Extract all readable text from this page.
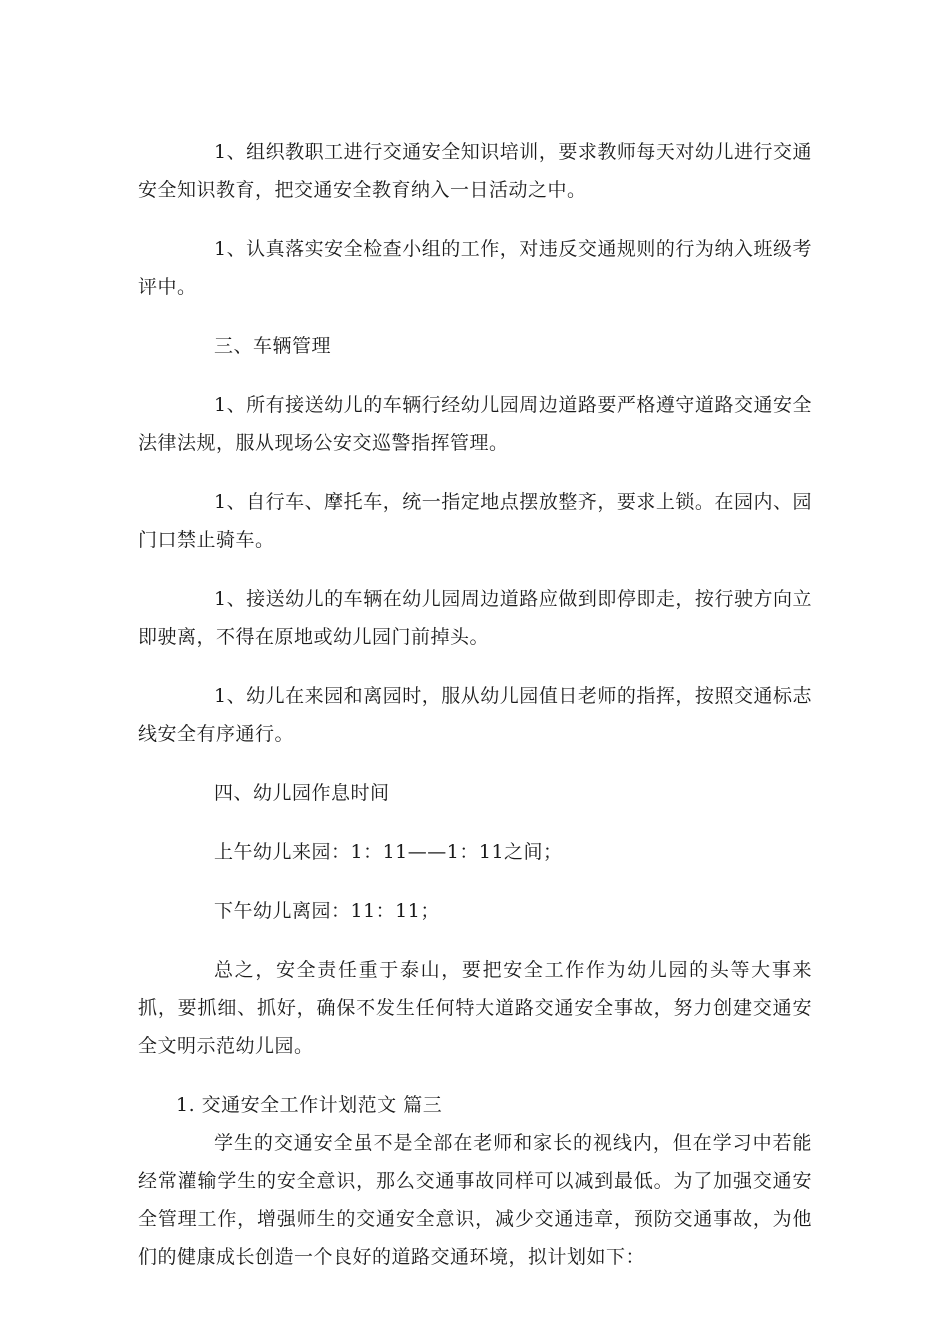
1、组织教职工进行交通安全知识培训，要求教师每天对幼儿进行交通安全知识教育，把交通安全教育纳入一日活动之中。

1、认真落实安全检查小组的工作，对违反交通规则的行为纳入班级考评中。

三、车辆管理

1、所有接送幼儿的车辆行经幼儿园周边道路要严格遵守道路交通安全法律法规，服从现场公安交巡警指挥管理。

1、自行车、摩托车，统一指定地点摆放整齐，要求上锁。在园内、园门口禁止骑车。

1、接送幼儿的车辆在幼儿园周边道路应做到即停即走，按行驶方向立即驶离，不得在原地或幼儿园门前掉头。

1、幼儿在来园和离园时，服从幼儿园值日老师的指挥，按照交通标志线安全有序通行。

四、幼儿园作息时间

上午幼儿来园：1：11——1：11之间；

下午幼儿离园：11：11；

总之，安全责任重于泰山，要把安全工作作为幼儿园的头等大事来抓，要抓细、抓好，确保不发生任何特大道路交通安全事故，努力创建交通安全文明示范幼儿园。

1. 交通安全工作计划范文 篇三

学生的交通安全虽不是全部在老师和家长的视线内，但在学习中若能经常灌输学生的安全意识，那么交通事故同样可以减到最低。为了加强交通安全管理工作，增强师生的交通安全意识，减少交通违章，预防交通事故，为他们的健康成长创造一个良好的道路交通环境，拟计划如下：
